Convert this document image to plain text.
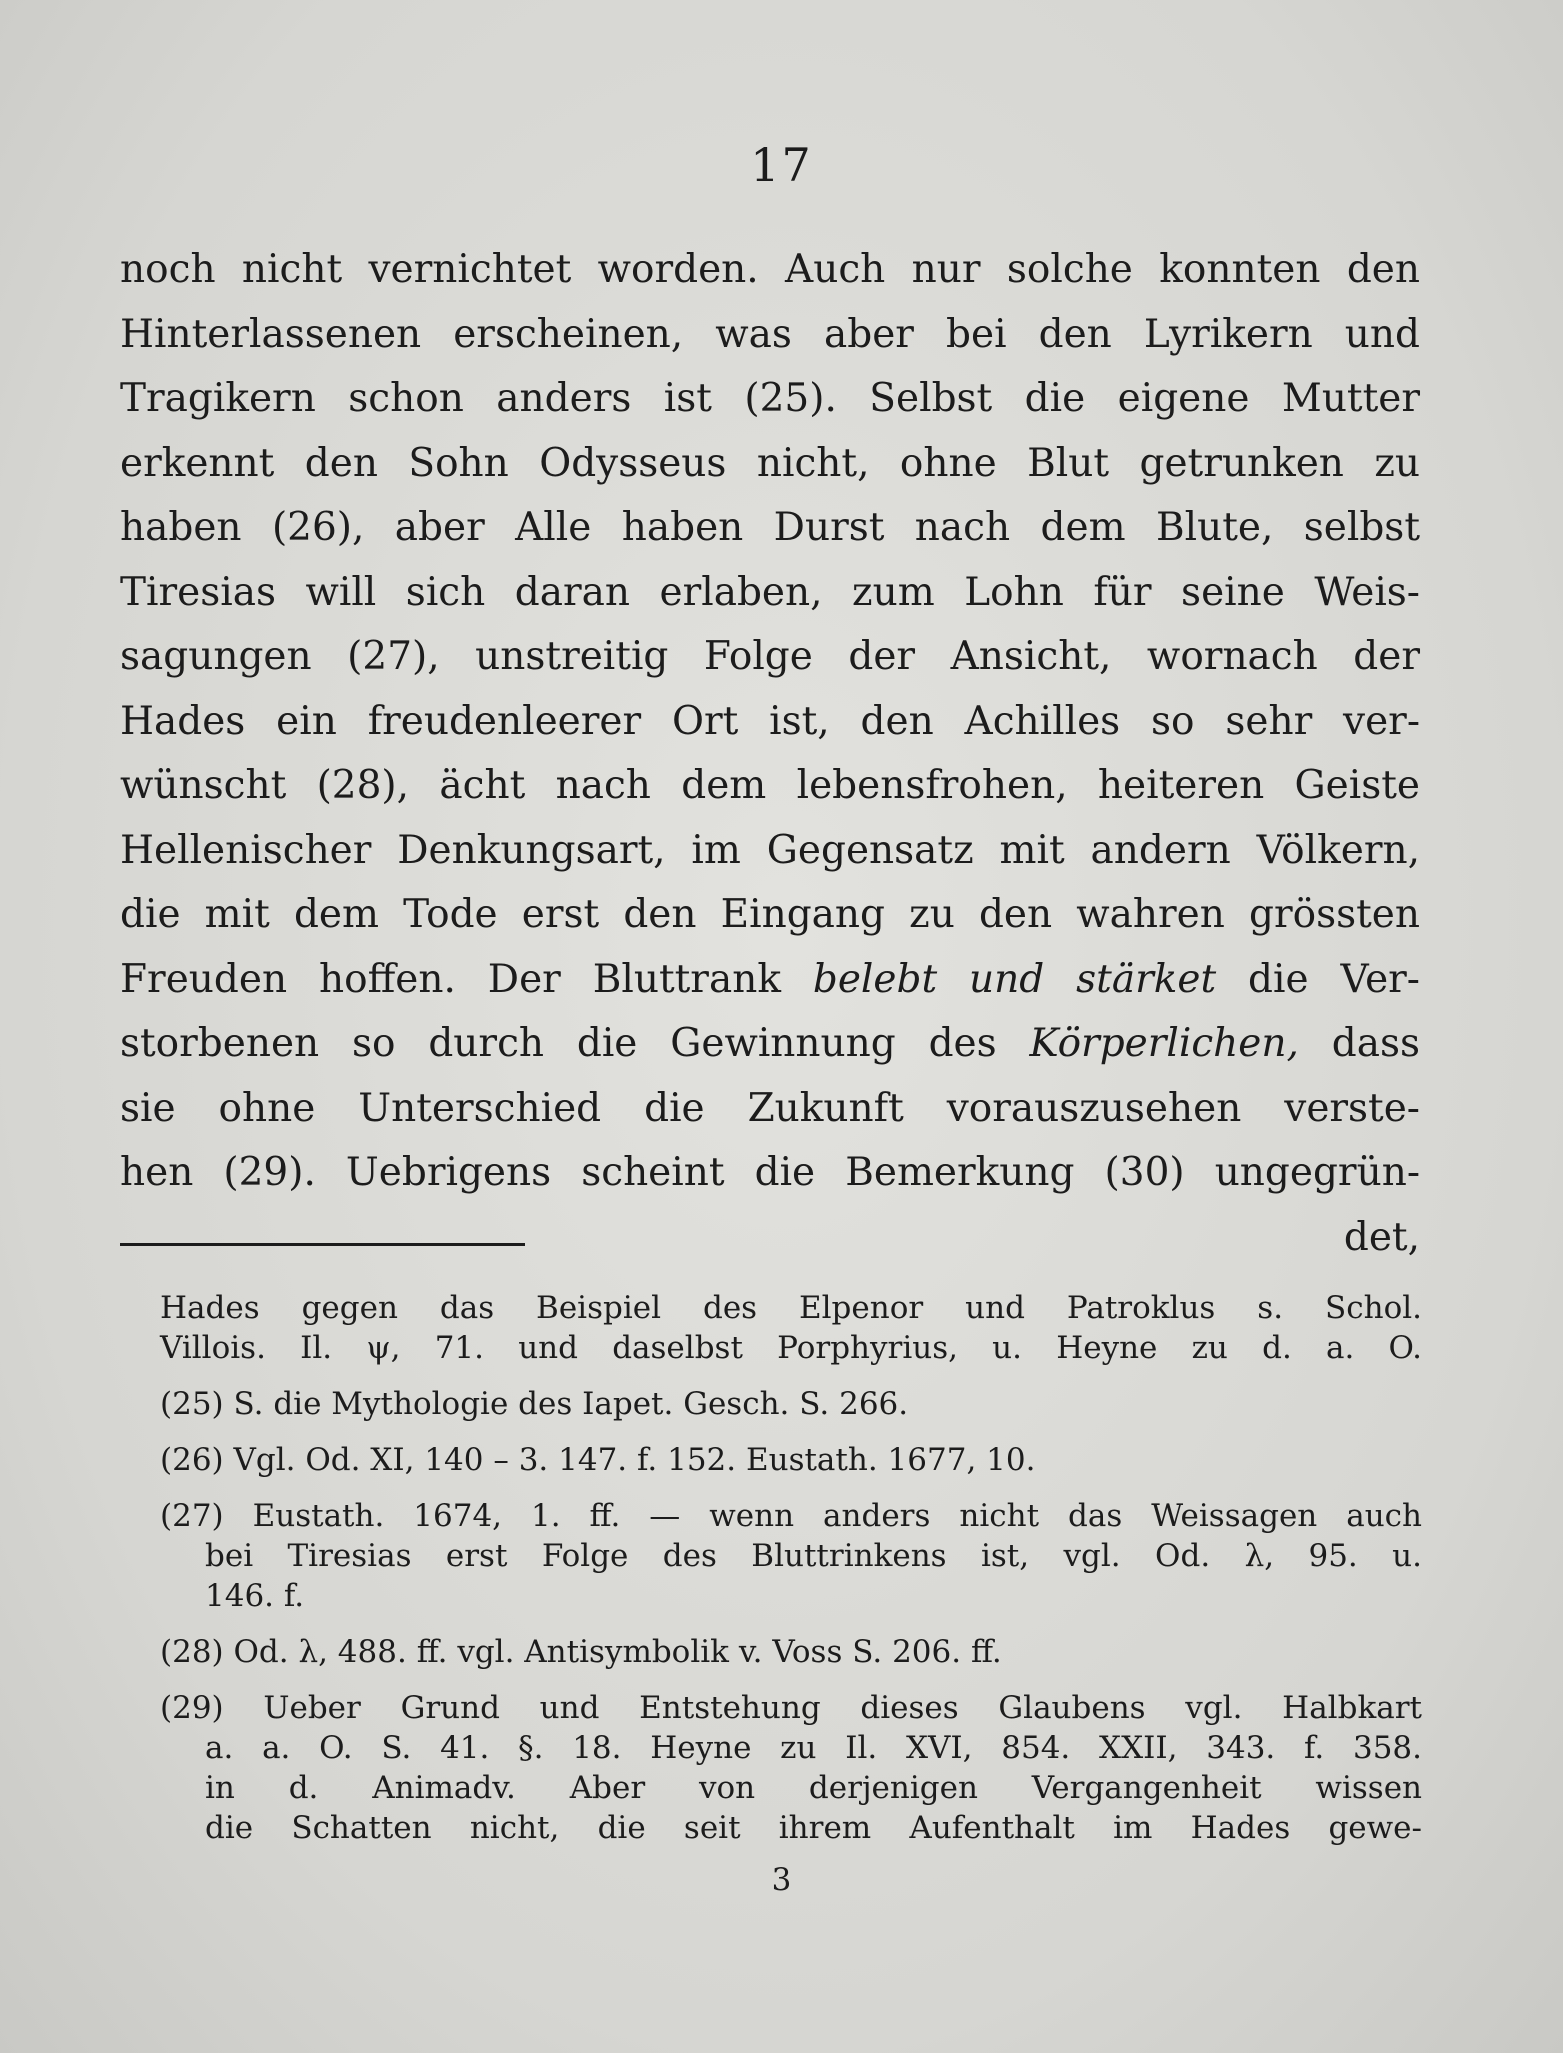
17
noch nicht vernichtet worden. Auch nur solche konnten den
Hinterlassenen erscheinen, was aber bei den Lyrikern und
Tragikern schon anders ist (25). Selbst die eigene Mutter
erkennt den Sohn Odysseus nicht, ohne Blut getrunken zu
haben (26), aber Alle haben Durst nach dem Blute, selbst
Tiresias will sich daran erlaben, zum Lohn für seine Weis-
sagungen (27), unstreitig Folge der Ansicht, wornach der
Hades ein freudenleerer Ort ist, den Achilles so sehr ver-
wünscht (28), ächt nach dem lebensfrohen, heiteren Geiste
Hellenischer Denkungsart, im Gegensatz mit andern Völkern,
die mit dem Tode erst den Eingang zu den wahren grössten
Freuden hoffen. Der Bluttrank belebt und stärket die Ver-
storbenen so durch die Gewinnung des Körperlichen, dass
sie ohne Unterschied die Zukunft vorauszusehen verste-
hen (29). Uebrigens scheint die Bemerkung (30) ungegrün-
det,
Hades gegen das Beispiel des Elpenor und Patroklus s. Schol.
Villois. Il. ψ, 71. und daselbst Porphyrius, u. Heyne zu d. a. O.
(25) S. die Mythologie des Iapet. Gesch. S. 266.
(26) Vgl. Od. XI, 140 – 3. 147. f. 152. Eustath. 1677, 10.
(27) Eustath. 1674, 1. ff. — wenn anders nicht das Weissagen auch
bei Tiresias erst Folge des Bluttrinkens ist, vgl. Od. λ, 95. u.
146. f.
(28) Od. λ, 488. ff. vgl. Antisymbolik v. Voss S. 206. ff.
(29) Ueber Grund und Entstehung dieses Glaubens vgl. Halbkart
a. a. O. S. 41. §. 18. Heyne zu Il. XVI, 854. XXII, 343. f. 358.
in d. Animadv. Aber von derjenigen Vergangenheit wissen
die Schatten nicht, die seit ihrem Aufenthalt im Hades gewe-
3
